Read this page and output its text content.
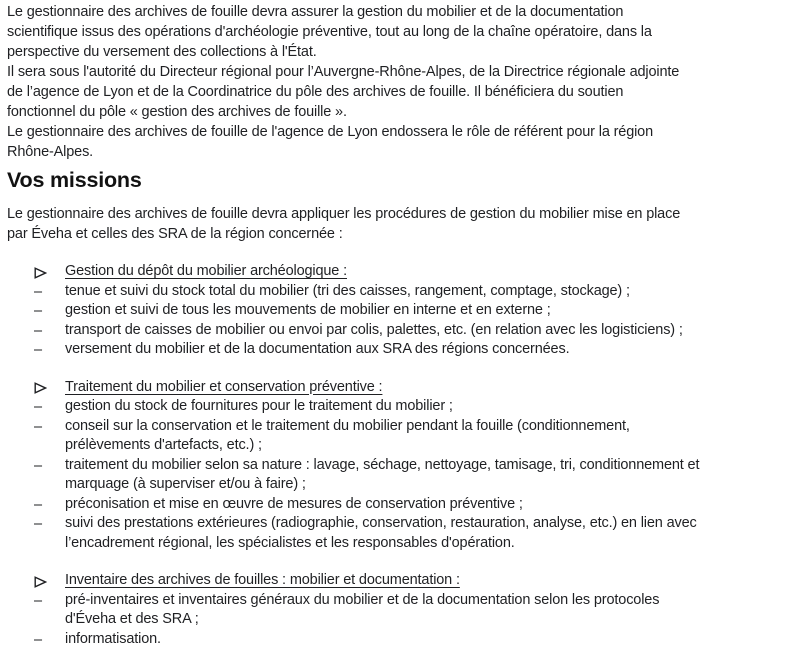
Le gestionnaire des archives de fouille devra assurer la gestion du mobilier et de la documentation
scientifique issus des opérations d'archéologie préventive, tout au long de la chaîne opératoire, dans la
perspective du versement des collections à l'État.

Il sera sous l'autorité du Directeur régional pour l’Auvergne-Rhône-Alpes, de la Directrice régionale adjointe
de l’agence de Lyon et de la Coordinatrice du pôle des archives de fouille. Il bénéficiera du soutien
fonctionnel du pôle « gestion des archives de fouille ».

Le gestionnaire des archives de fouille de l'agence de Lyon endossera le rôle de référent pour la région
Rhône-Alpes.

Vos missions

Le gestionnaire des archives de fouille devra appliquer les procédures de gestion du mobilier mise en place
par Éveha et celles des SRA de la région concernée :

Gestion du dépôt du mobilier archéologique :
– tenue et suivi du stock total du mobilier (tri des caisses, rangement, comptage, stockage) ;
– gestion et suivi de tous les mouvements de mobilier en interne et en externe ;
– transport de caisses de mobilier ou envoi par colis, palettes, etc. (en relation avec les logisticiens) ;
– versement du mobilier et de la documentation aux SRA des régions concernées.
Traitement du mobilier et conservation préventive :
– gestion du stock de fournitures pour le traitement du mobilier ;
– conseil sur la conservation et le traitement du mobilier pendant la fouille (conditionnement,
prélèvements d'artefacts, etc.) ;
– traitement du mobilier selon sa nature : lavage, séchage, nettoyage, tamisage, tri, conditionnement et
marquage (à superviser et/ou à faire) ;
– préconisation et mise en œuvre de mesures de conservation préventive ;
– suivi des prestations extérieures (radiographie, conservation, restauration, analyse, etc.) en lien avec
l’encadrement régional, les spécialistes et les responsables d'opération.
Inventaire des archives de fouilles : mobilier et documentation :
– pré-inventaires et inventaires généraux du mobilier et de la documentation selon les protocoles
d'Éveha et des SRA ;
– informatisation.
